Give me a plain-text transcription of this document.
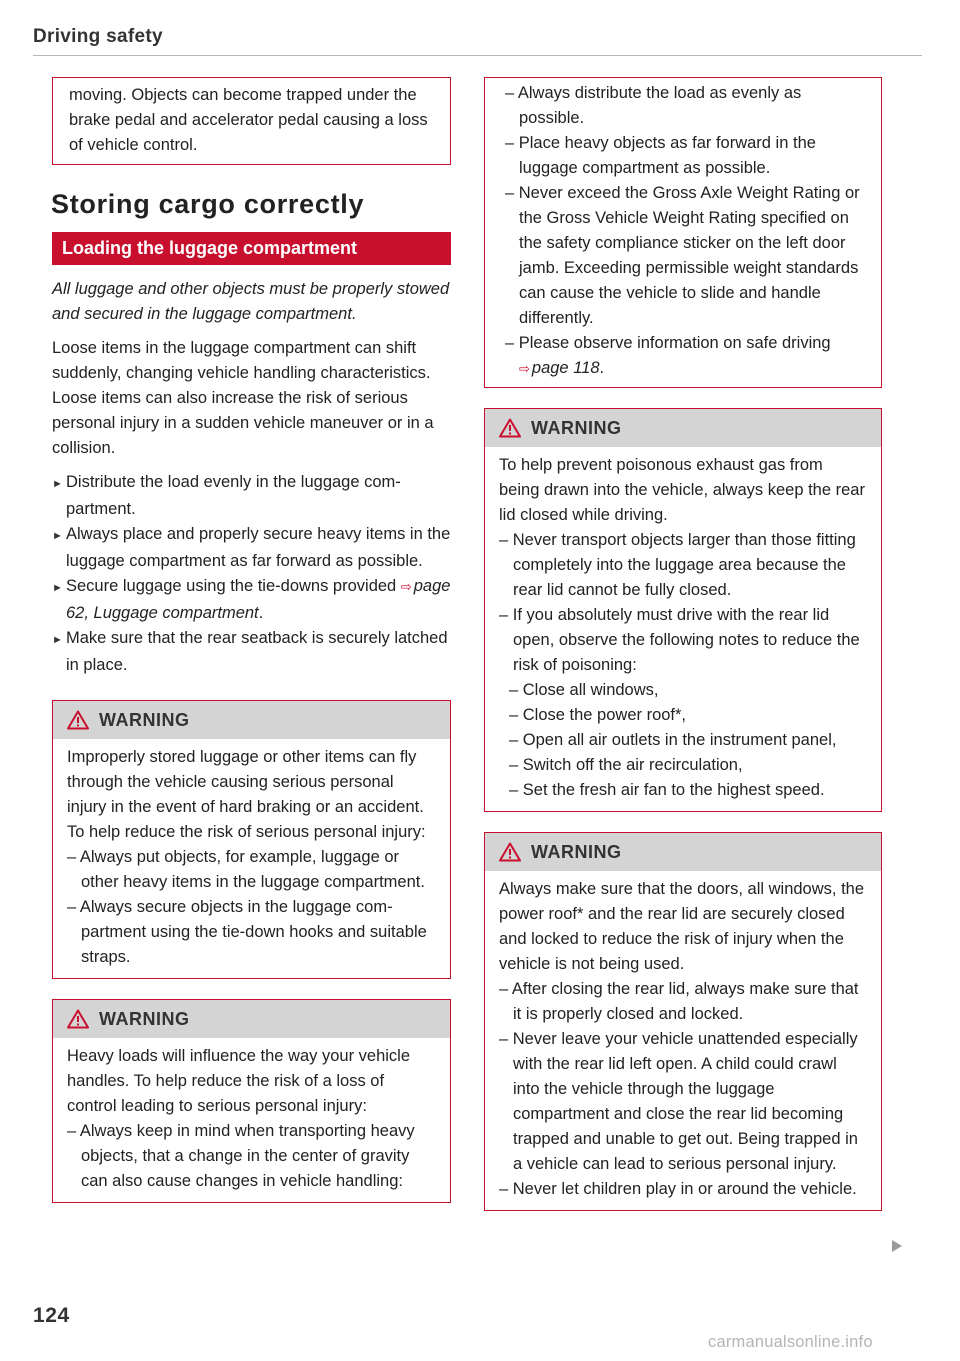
Driving safety

moving. Objects can become trapped under the brake pedal and accelerator pedal causing a loss of vehicle control.

Storing cargo correctly
Loading the luggage compartment

All luggage and other objects must be properly stowed and secured in the luggage compartment.

Loose items in the luggage compartment can shift suddenly, changing vehicle handling characteristics. Loose items can also increase the risk of serious personal injury in a sudden vehicle maneuver or in a collision.

► Distribute the load evenly in the luggage compartment.
► Always place and properly secure heavy items in the luggage compartment as far forward as possible.
► Secure luggage using the tie-downs provided ⇨ page 62, Luggage compartment.
► Make sure that the rear seatback is securely latched in place.
WARNING

Improperly stored luggage or other items can fly through the vehicle causing serious personal injury in the event of hard braking or an accident. To help reduce the risk of serious personal injury:

– Always put objects, for example, luggage or other heavy items in the luggage compartment.
– Always secure objects in the luggage compartment using the tie-down hooks and suitable straps.
WARNING

Heavy loads will influence the way your vehicle handles. To help reduce the risk of a loss of control leading to serious personal injury:

– Always keep in mind when transporting heavy objects, that a change in the center of gravity can also cause changes in vehicle handling:
– Always distribute the load as evenly as possible.
– Place heavy objects as far forward in the luggage compartment as possible.
– Never exceed the Gross Axle Weight Rating or the Gross Vehicle Weight Rating specified on the safety compliance sticker on the left door jamb. Exceeding permissible weight standards can cause the vehicle to slide and handle differently.
– Please observe information on safe driving ⇨ page 118.
WARNING

To help prevent poisonous exhaust gas from being drawn into the vehicle, always keep the rear lid closed while driving.

– Never transport objects larger than those fitting completely into the luggage area because the rear lid cannot be fully closed.
– If you absolutely must drive with the rear lid open, observe the following notes to reduce the risk of poisoning:
– Close all windows,
– Close the power roof*,
– Open all air outlets in the instrument panel,
– Switch off the air recirculation,
– Set the fresh air fan to the highest speed.
WARNING

Always make sure that the doors, all windows, the power roof* and the rear lid are securely closed and locked to reduce the risk of injury when the vehicle is not being used.

– After closing the rear lid, always make sure that it is properly closed and locked.
– Never leave your vehicle unattended especially with the rear lid left open. A child could crawl into the vehicle through the luggage compartment and close the rear lid becoming trapped and unable to get out. Being trapped in a vehicle can lead to serious personal injury.
– Never let children play in or around the vehicle.
124
carmanualsonline.info
